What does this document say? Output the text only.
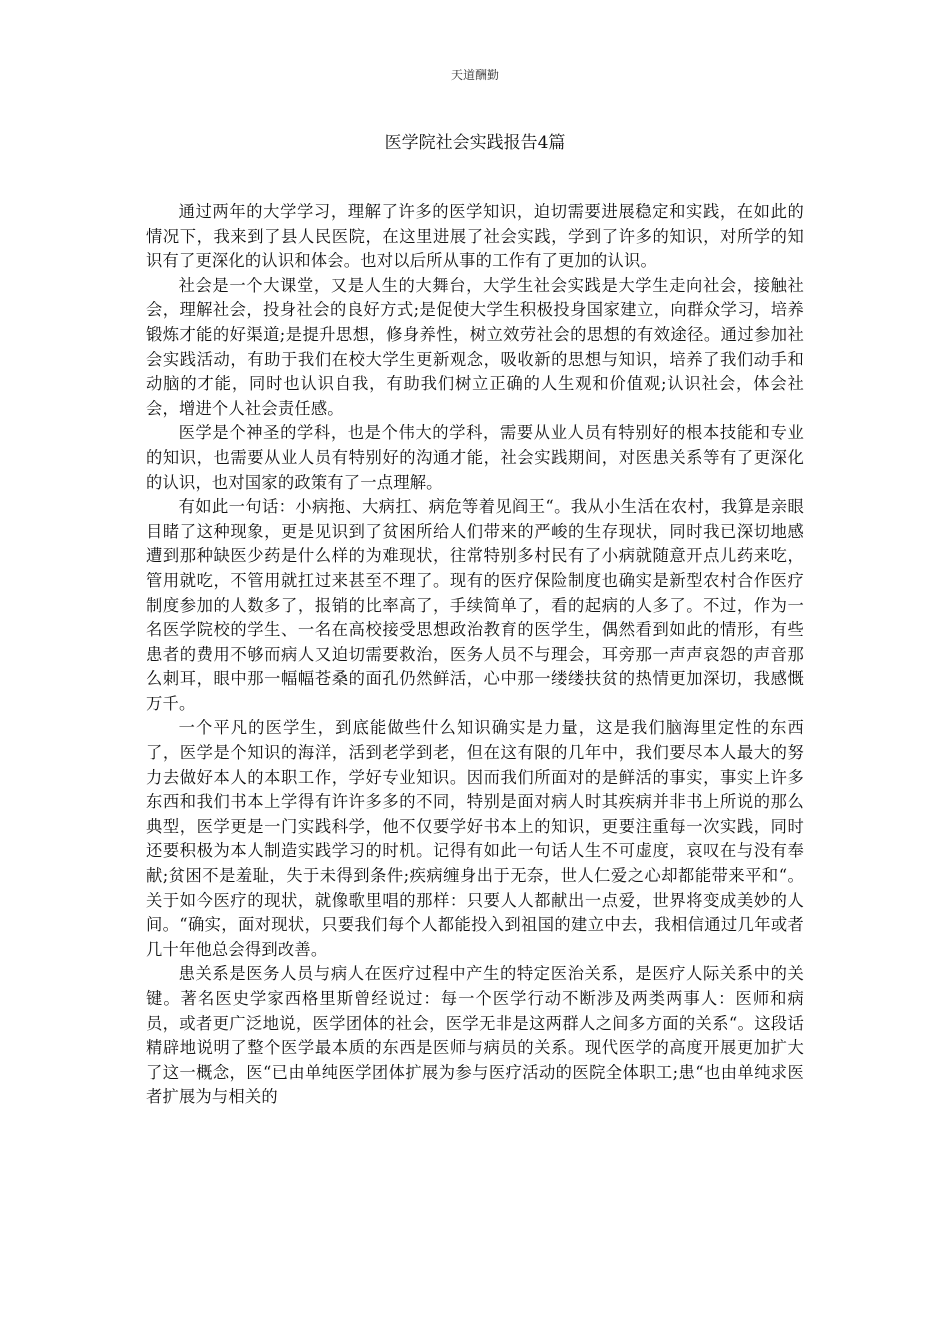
天道酬勤
医学院社会实践报告4篇

通过两年的大学学习，理解了许多的医学知识，迫切需要进展稳定和实践，在如此的情况下，我来到了县人民医院，在这里进展了社会实践，学到了许多的知识，对所学的知识有了更深化的认识和体会。也对以后所从事的工作有了更加的认识。

社会是一个大课堂，又是人生的大舞台，大学生社会实践是大学生走向社会，接触社会，理解社会，投身社会的良好方式;是促使大学生积极投身国家建立，向群众学习，培养锻炼才能的好渠道;是提升思想，修身养性，树立效劳社会的思想的有效途径。通过参加社会实践活动，有助于我们在校大学生更新观念，吸收新的思想与知识，培养了我们动手和动脑的才能，同时也认识自我，有助我们树立正确的人生观和价值观;认识社会，体会社会，增进个人社会责任感。

医学是个神圣的学科，也是个伟大的学科，需要从业人员有特别好的根本技能和专业的知识，也需要从业人员有特别好的沟通才能，社会实践期间，对医患关系等有了更深化的认识，也对国家的政策有了一点理解。

有如此一句话：小病拖、大病扛、病危等着见阎王“。我从小生活在农村，我算是亲眼目睹了这种现象，更是见识到了贫困所给人们带来的严峻的生存现状，同时我已深切地感遭到那种缺医少药是什么样的为难现状，往常特别多村民有了小病就随意开点儿药来吃，管用就吃，不管用就扛过来甚至不理了。现有的医疗保险制度也确实是新型农村合作医疗制度参加的人数多了，报销的比率高了，手续简单了，看的起病的人多了。不过，作为一名医学院校的学生、一名在高校接受思想政治教育的医学生，偶然看到如此的情形，有些患者的费用不够而病人又迫切需要救治，医务人员不与理会，耳旁那一声声哀怨的声音那么刺耳，眼中那一幅幅苍桑的面孔仍然鲜活，心中那一缕缕扶贫的热情更加深切，我感慨万千。

一个平凡的医学生，到底能做些什么知识确实是力量，这是我们脑海里定性的东西了，医学是个知识的海洋，活到老学到老，但在这有限的几年中，我们要尽本人最大的努力去做好本人的本职工作，学好专业知识。因而我们所面对的是鲜活的事实，事实上许多东西和我们书本上学得有许许多多的不同，特别是面对病人时其疾病并非书上所说的那么典型，医学更是一门实践科学，他不仅要学好书本上的知识，更要注重每一次实践，同时还要积极为本人制造实践学习的时机。记得有如此一句话人生不可虚度，哀叹在与没有奉献;贫困不是羞耻，失于未得到条件;疾病缠身出于无奈，世人仁爱之心却都能带来平和“。关于如今医疗的现状，就像歌里唱的那样：只要人人都献出一点爱，世界将变成美妙的人间。“确实，面对现状，只要我们每个人都能投入到祖国的建立中去，我相信通过几年或者几十年他总会得到改善。

患关系是医务人员与病人在医疗过程中产生的特定医治关系，是医疗人际关系中的关键。著名医史学家西格里斯曾经说过：每一个医学行动不断涉及两类两事人：医师和病员，或者更广泛地说，医学团体的社会，医学无非是这两群人之间多方面的关系“。这段话精辟地说明了整个医学最本质的东西是医师与病员的关系。现代医学的高度开展更加扩大了这一概念，医“已由单纯医学团体扩展为参与医疗活动的医院全体职工;患“也由单纯求医者扩展为与相关的
